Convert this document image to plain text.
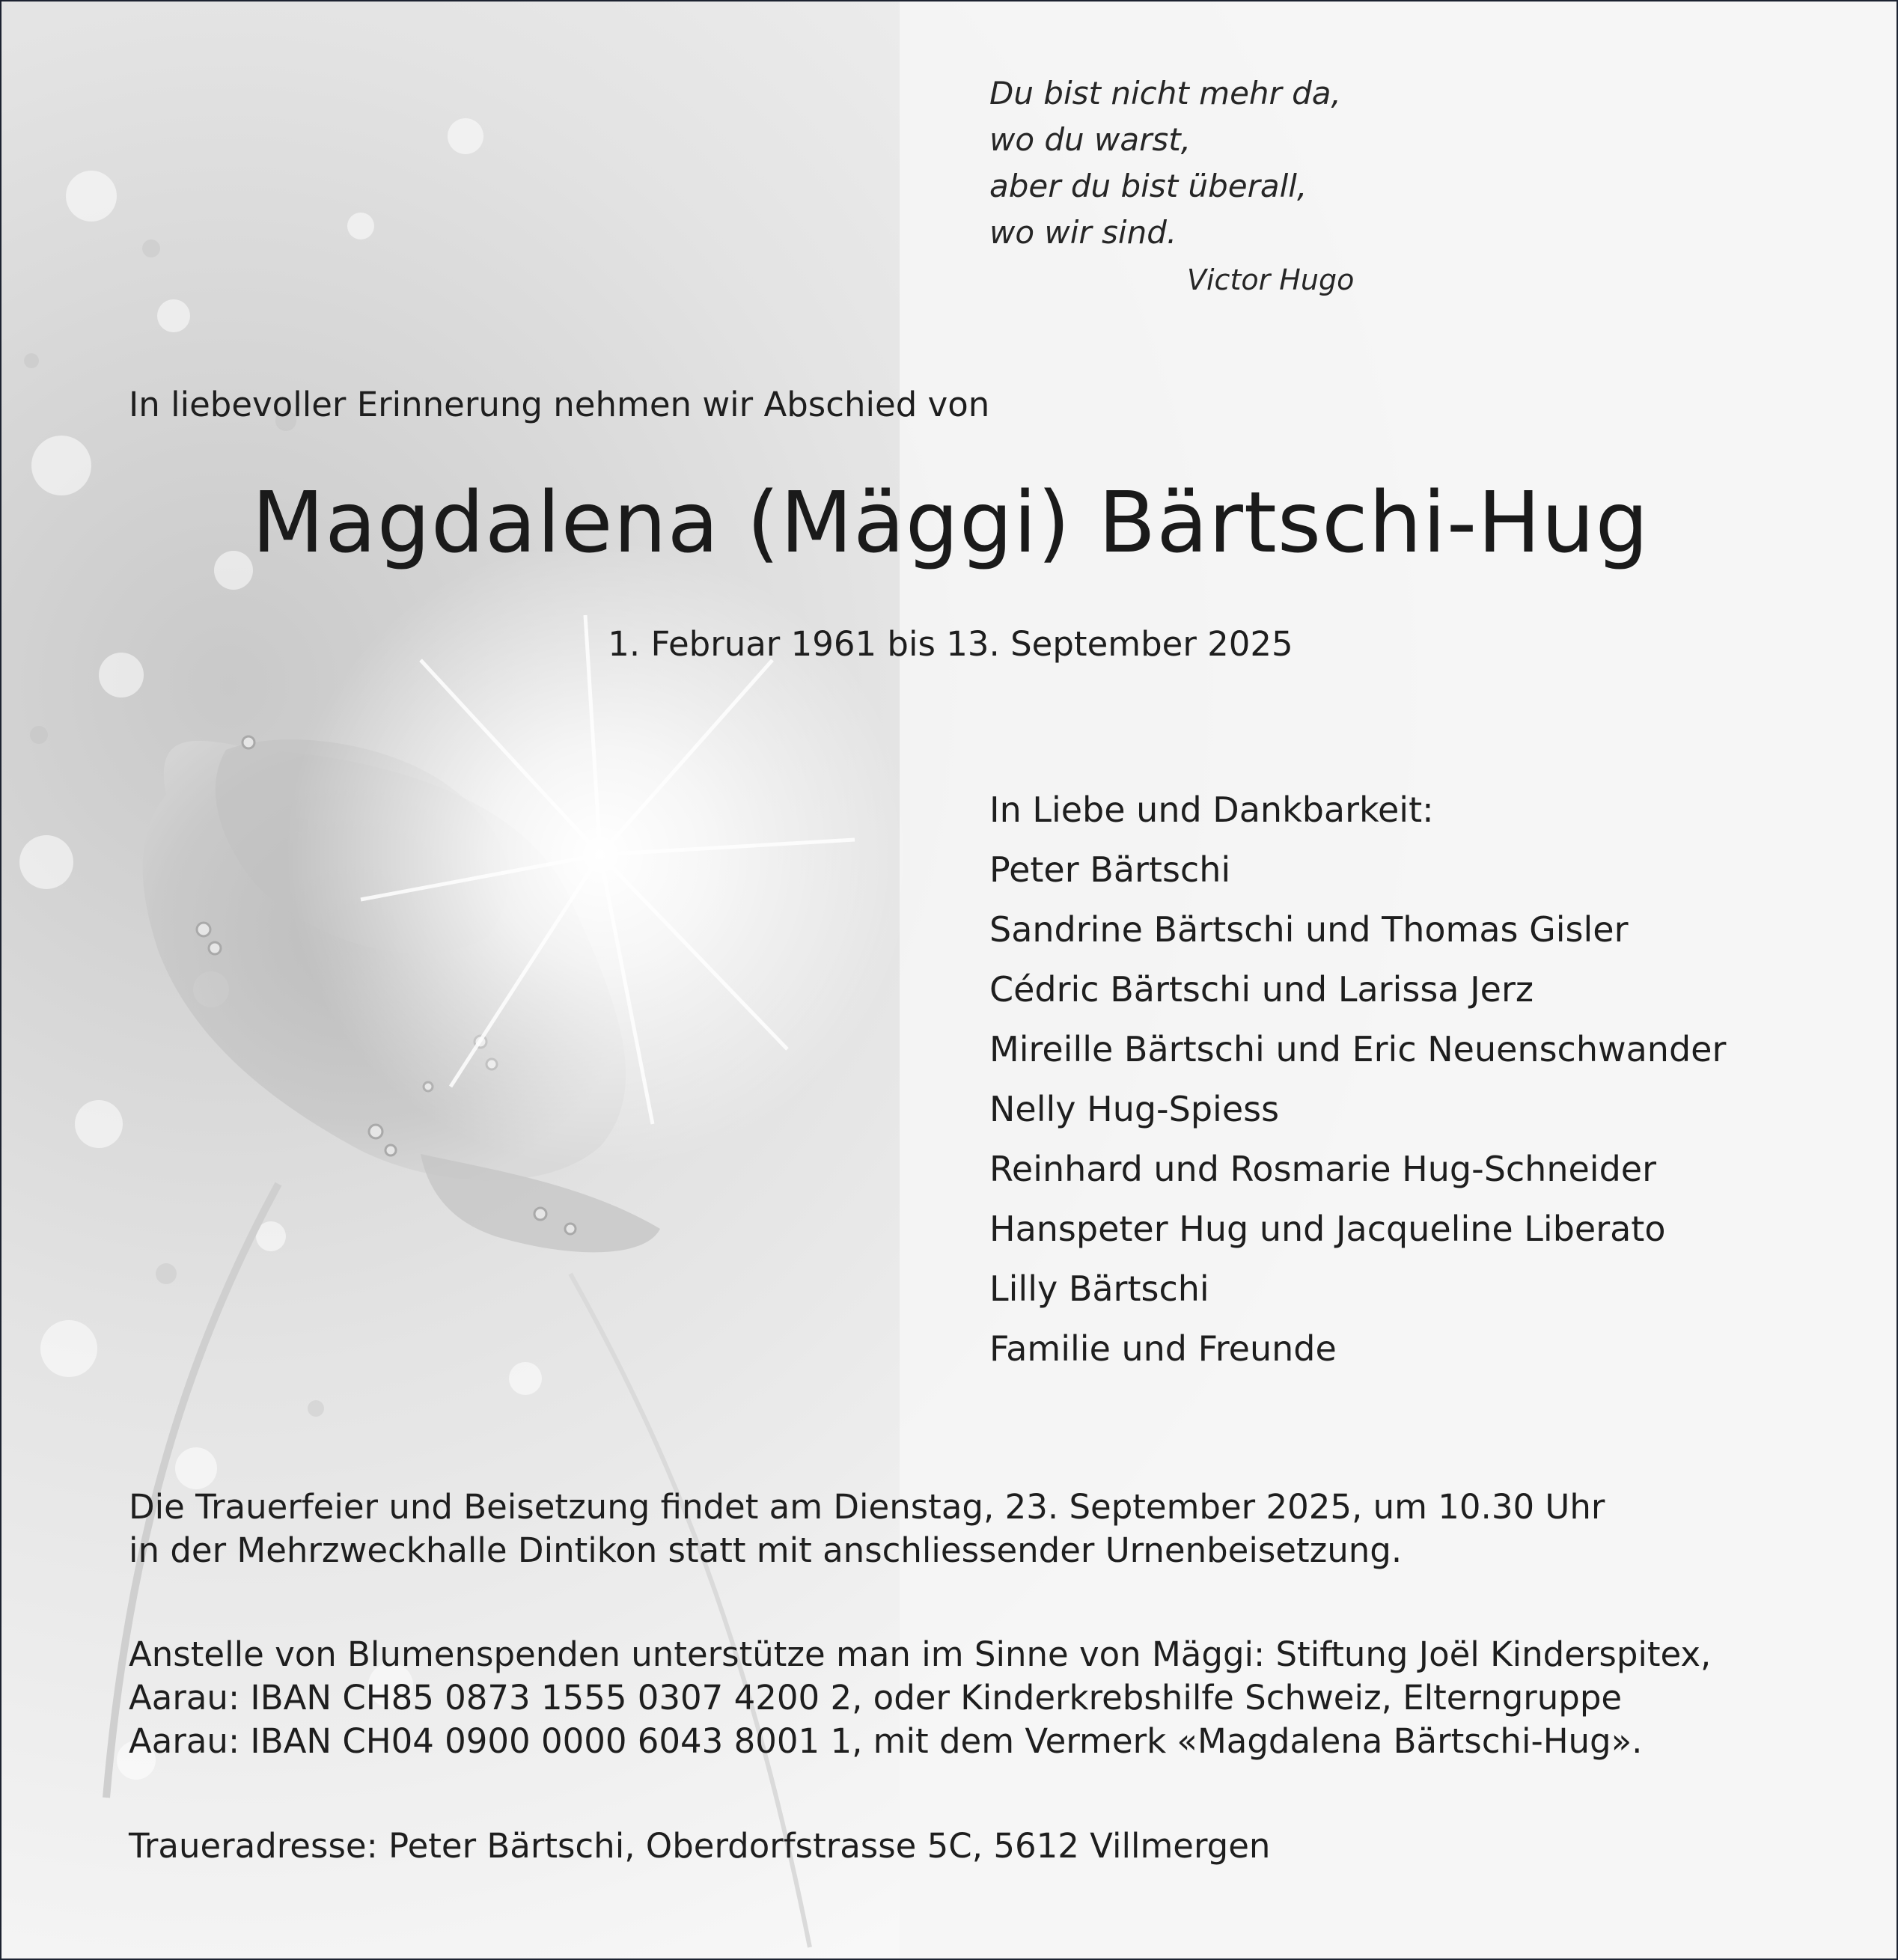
Du bist nicht mehr da,
wo du warst,
aber du bist überall,
wo wir sind.
Victor Hugo
In liebevoller Erinnerung nehmen wir Abschied von
Magdalena (Mäggi) Bärtschi-Hug
1. Februar 1961 bis 13. September 2025
In Liebe und Dankbarkeit:
Peter Bärtschi
Sandrine Bärtschi und Thomas Gisler
Cédric Bärtschi und Larissa Jerz
Mireille Bärtschi und Eric Neuenschwander
Nelly Hug-Spiess
Reinhard und Rosmarie Hug-Schneider
Hanspeter Hug und Jacqueline Liberato
Lilly Bärtschi
Familie und Freunde
Die Trauerfeier und Beisetzung findet am Dienstag, 23. September 2025, um 10.30 Uhr
in der Mehrzweckhalle Dintikon statt mit anschliessender Urnenbeisetzung.
Anstelle von Blumenspenden unterstütze man im Sinne von Mäggi: Stiftung Joël Kinderspitex,
Aarau: IBAN CH85 0873 1555 0307 4200 2, oder Kinderkrebshilfe Schweiz, Elterngruppe
Aarau: IBAN CH04 0900 0000 6043 8001 1, mit dem Vermerk «Magdalena Bärtschi-Hug».
Traueradresse: Peter Bärtschi, Oberdorfstrasse 5C, 5612 Villmergen
